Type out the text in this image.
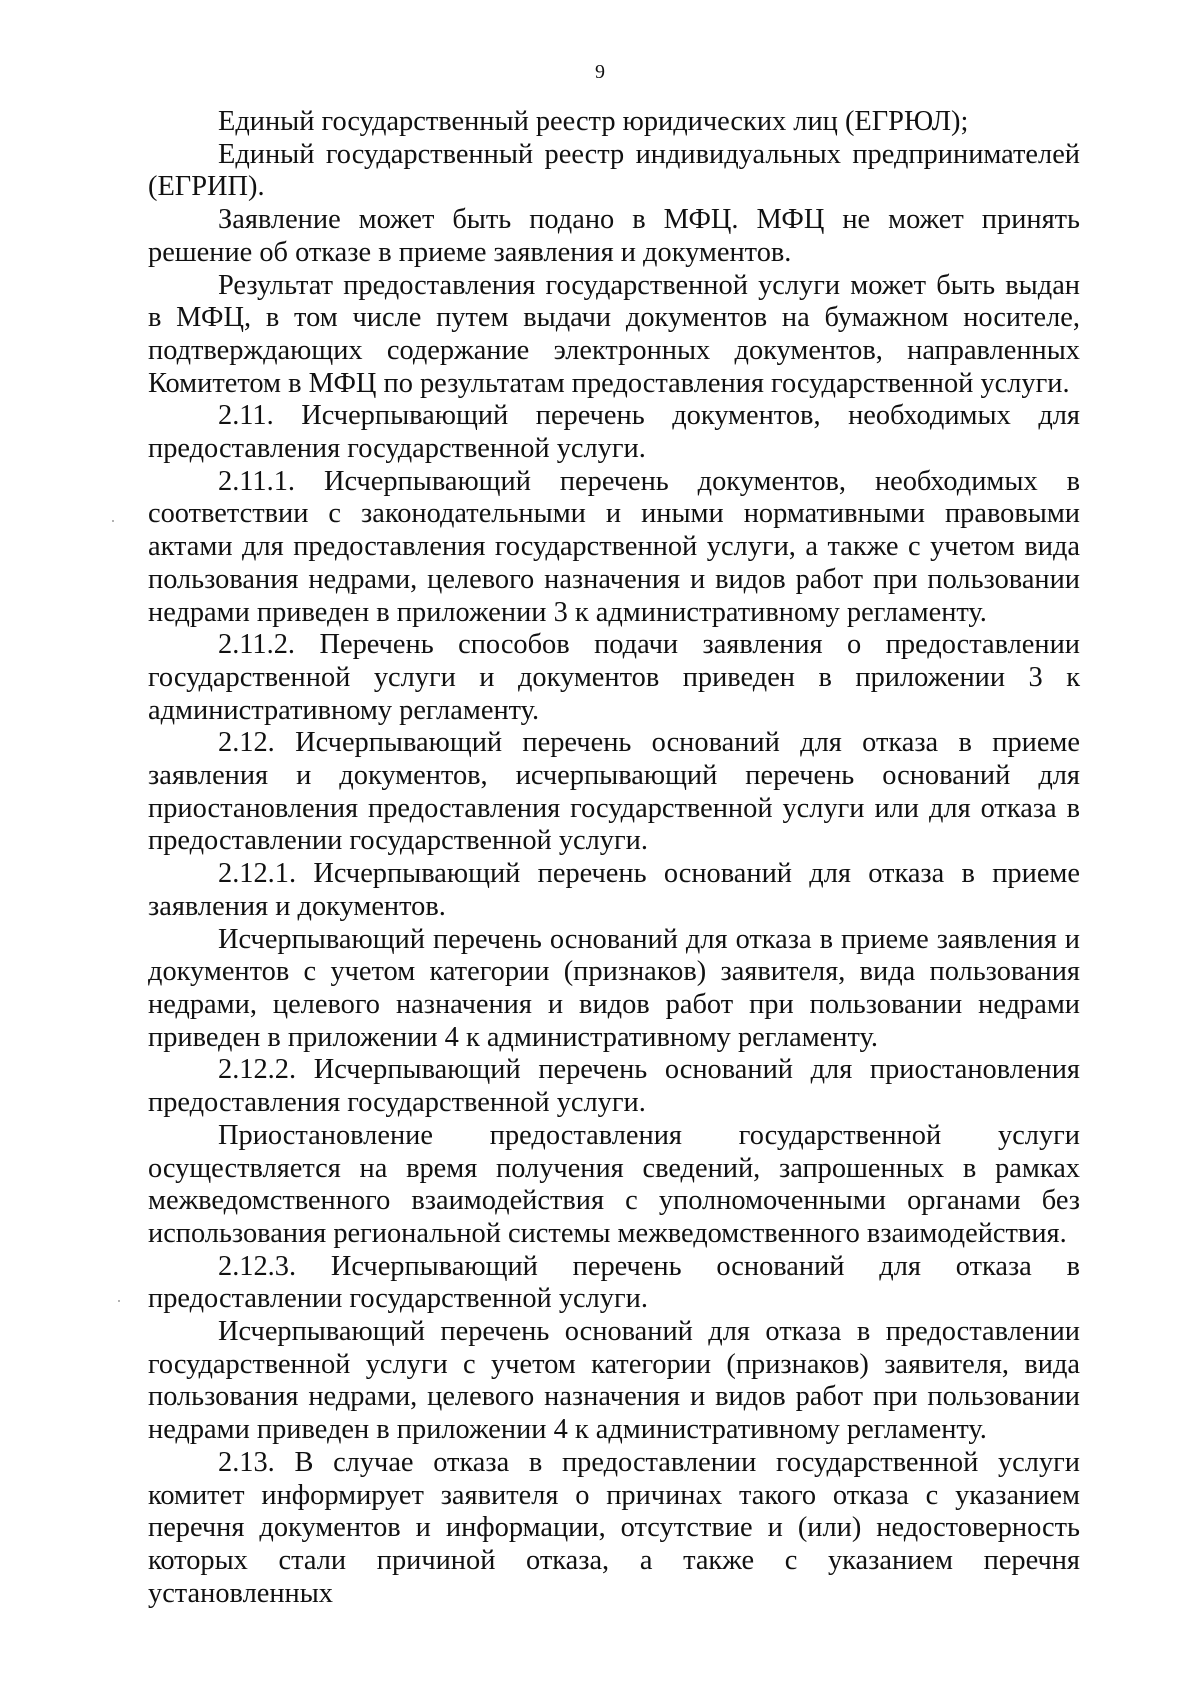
9

Единый государственный реестр юридических лиц (ЕГРЮЛ);

Единый государственный реестр индивидуальных предпринимателей (ЕГРИП).

Заявление может быть подано в МФЦ. МФЦ не может принять решение об отказе в приеме заявления и документов.

Результат предоставления государственной услуги может быть выдан в МФЦ, в том числе путем выдачи документов на бумажном носителе, подтверждающих содержание электронных документов, направленных Комитетом в МФЦ по результатам предоставления государственной услуги.

2.11. Исчерпывающий перечень документов, необходимых для предоставления государственной услуги.

2.11.1. Исчерпывающий перечень документов, необходимых в соответствии с законодательными и иными нормативными правовыми актами для предоставления государственной услуги, а также с учетом вида пользования недрами, целевого назначения и видов работ при пользовании недрами приведен в приложении 3 к административному регламенту.

2.11.2. Перечень способов подачи заявления о предоставлении государственной услуги и документов приведен в приложении 3 к административному регламенту.

2.12. Исчерпывающий перечень оснований для отказа в приеме заявления и документов, исчерпывающий перечень оснований для приостановления предоставления государственной услуги или для отказа в предоставлении государственной услуги.

2.12.1. Исчерпывающий перечень оснований для отказа в приеме заявления и документов.

Исчерпывающий перечень оснований для отказа в приеме заявления и документов с учетом категории (признаков) заявителя, вида пользования недрами, целевого назначения и видов работ при пользовании недрами приведен в приложении 4 к административному регламенту.

2.12.2. Исчерпывающий перечень оснований для приостановления предоставления государственной услуги.

Приостановление предоставления государственной услуги осуществляется на время получения сведений, запрошенных в рамках межведомственного взаимодействия с уполномоченными органами без использования региональной системы межведомственного взаимодействия.

2.12.3. Исчерпывающий перечень оснований для отказа в предоставлении государственной услуги.

Исчерпывающий перечень оснований для отказа в предоставлении государственной услуги с учетом категории (признаков) заявителя, вида пользования недрами, целевого назначения и видов работ при пользовании недрами приведен в приложении 4 к административному регламенту.

2.13. В случае отказа в предоставлении государственной услуги комитет информирует заявителя о причинах такого отказа с указанием перечня документов и информации, отсутствие и (или) недостоверность которых стали причиной отказа, а также с указанием перечня установленных
